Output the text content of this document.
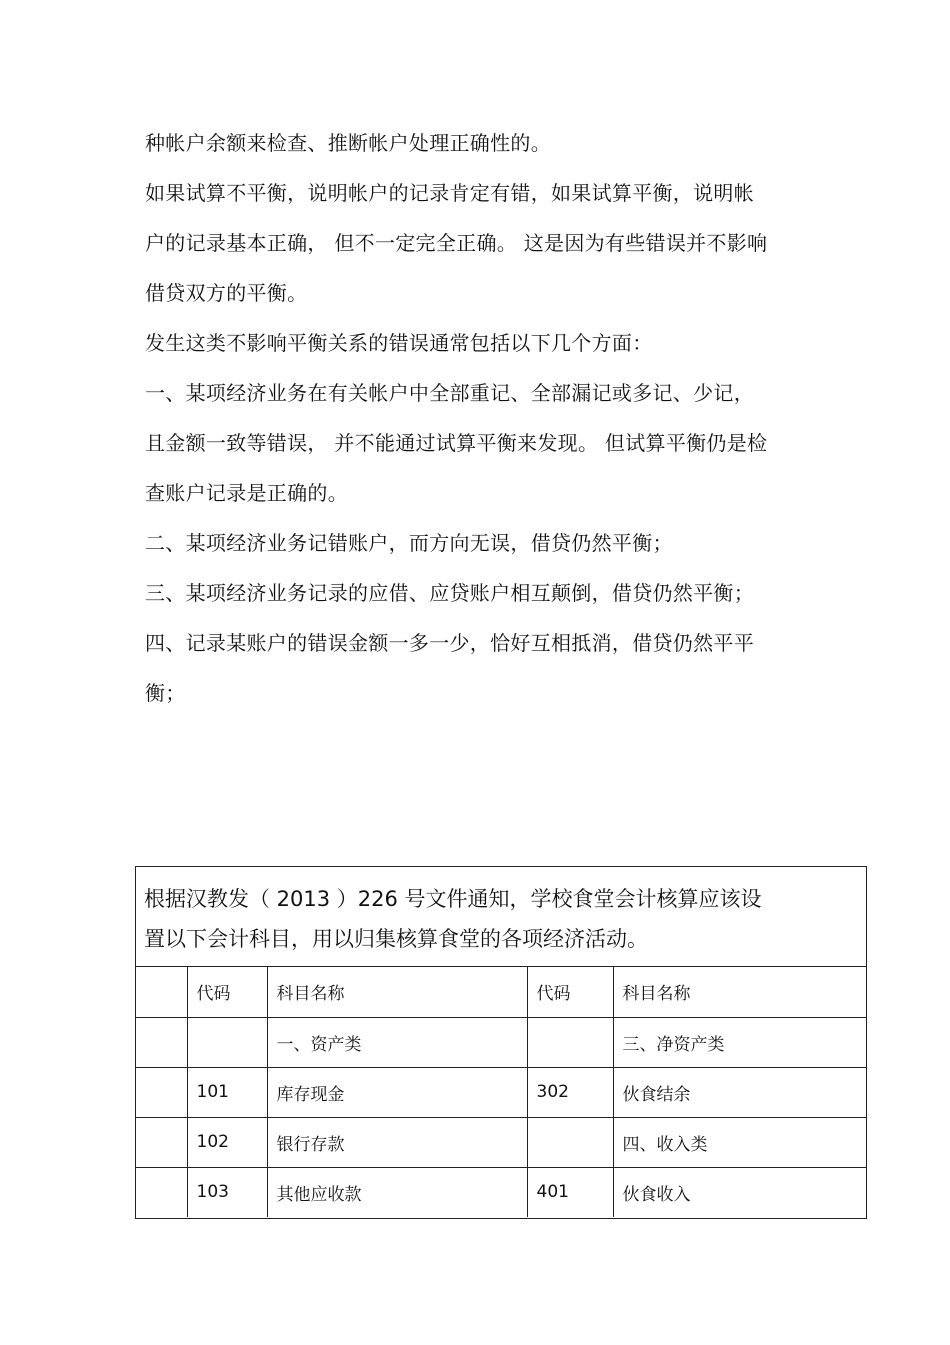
种帐户余额来检查、推断帐户处理正确性的。

如果试算不平衡，说明帐户的记录肯定有错，如果试算平衡，说明帐

户的记录基本正确， 但不一定完全正确。 这是因为有些错误并不影响

借贷双方的平衡。

发生这类不影响平衡关系的错误通常包括以下几个方面：

一、某项经济业务在有关帐户中全部重记、全部漏记或多记、少记，

且金额一致等错误， 并不能通过试算平衡来发现。 但试算平衡仍是检

查账户记录是正确的。

二、某项经济业务记错账户，而方向无误，借贷仍然平衡；

三、某项经济业务记录的应借、应贷账户相互颠倒，借贷仍然平衡；

四、记录某账户的错误金额一多一少，恰好互相抵消，借贷仍然平平

衡；

根据汉教发（ 2013 ）226 号文件通知，学校食堂会计核算应该设
置以下会计科目，用以归集核算食堂的各项经济活动。
	代码	科目名称	代码	科目名称
		一、资产类		三、净资产类
	101	库存现金	302	伙食结余
	102	银行存款		四、收入类
	103	其他应收款	401	伙食收入
